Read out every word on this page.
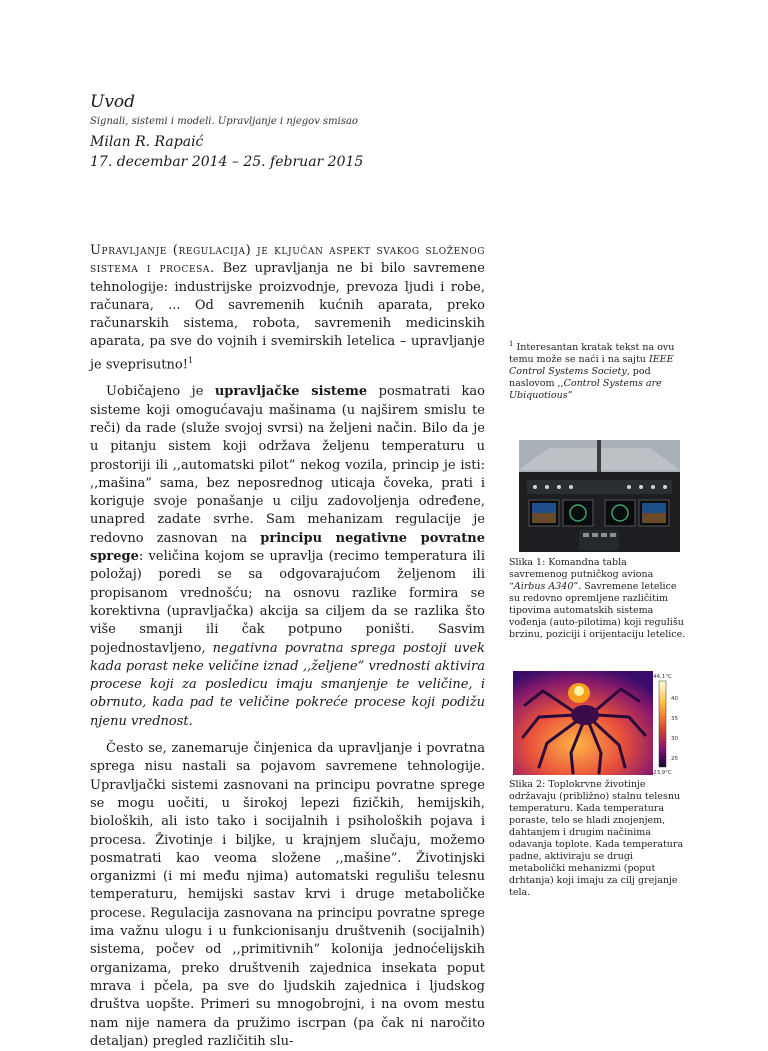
Uvod
Signali, sistemi i modeli. Upravljanje i njegov smisao
Milan R. Rapaić
17. decembar 2014 – 25. februar 2015

Upravljanje (regulacija) je ključan aspekt svakog složenog sistema i procesa. Bez upravljanja ne bi bilo savremene tehnologije: industrijske proizvodnje, prevoza ljudi i robe, računara, ... Od savremenih kućnih aparata, preko računarskih sistema, robota, savremenih medicinskih aparata, pa sve do vojnih i svemirskih letelica – upravljanje je sveprisutno!$^1$

Uobičajeno je upravljačke sisteme posmatrati kao sisteme koji omogućavaju mašinama (u najširem smislu te reči) da rade (služe svojoj svrsi) na željeni način. Bilo da je u pitanju sistem koji održava željenu temperaturu u prostoriji ili ,,automatski pilot” nekog vozila, princip je isti: ,,mašina” sama, bez neposrednog uticaja čoveka, prati i koriguje svoje ponašanje u cilju zadovoljenja određene, unapred zadate svrhe. Sam mehanizam regulacije je redovno zasnovan na principu negativne povratne sprege: veličina kojom se upravlja (recimo temperatura ili položaj) poredi se sa odgovarajućom željenom ili propisanom vrednošću; na osnovu razlike formira se korektivna (upravljačka) akcija sa ciljem da se razlika što više smanji ili čak potpuno poništi. Sasvim pojednostavljeno, negativna povratna sprega postoji uvek kada porast neke veličine iznad ,,željene” vrednosti aktivira procese koji za posledicu imaju smanjenje te veličine, i obrnuto, kada pad te veličine pokreće procese koji podižu njenu vrednost.

Često se, zanemaruje činjenica da upravljanje i povratna sprega nisu nastali sa pojavom savremene tehnologije. Upravljački sistemi zasnovani na principu povratne sprege se mogu uočiti, u širokoj lepezi fizičkih, hemijskih, bioloških, ali isto tako i socijalnih i psiholoških pojava i procesa. Životinje i biljke, u krajnjem slučaju, možemo posmatrati kao veoma složene ,,mašine”. Životinjski organizmi (i mi među njima) automatski regulišu telesnu temperaturu, hemijski sastav krvi i druge metaboličke procese. Regulacija zasnovana na principu povratne sprege ima važnu ulogu i u funkcionisanju društvenih (socijalnih) sistema, počev od ,,primitivnih” kolonija jednoćelijskih organizama, preko društvenih zajednica insekata poput mrava i pčela, pa sve do ljudskih zajednica i ljudskog društva uopšte. Primeri su mnogobrojni, i na ovom mestu nam nije namera da pružimo iscrpan (pa čak ni naročito detaljan) pregled različitih slu-

$^1$ Interesantan kratak tekst na ovu temu može se naći i na sajtu IEEE Control Systems Society, pod naslovom ,,Control Systems are Ubiquotious”
Slika 1: Komandna tabla savremenog putničkog aviona “Airbus A340”. Savremene letelice su redovno opremljene različitim tipovima automatskih sistema vođenja (auto-pilotima) koji regulišu brzinu, poziciji i orijentaciju letelice.
44,1°C
23,9°C
40
35
30
25
Slika 2: Toplokrvne životinje održavaju (približno) stalnu telesnu temperaturu. Kada temperatura poraste, telo se hladi znojenjem, dahtanjem i drugim načinima odavanja toplote. Kada temperatura padne, aktiviraju se drugi metabolički mehanizmi (poput drhtanja) koji imaju za cilj grejanje tela.
